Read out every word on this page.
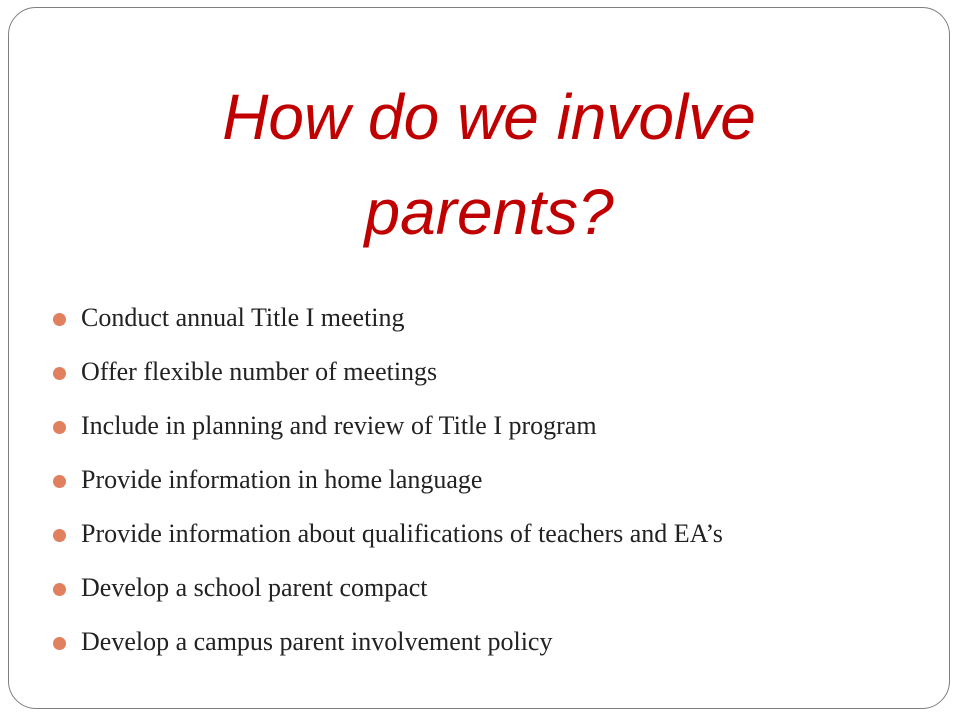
How do we involve parents?
Conduct annual Title I meeting
Offer flexible number of meetings
Include in planning and review of Title I program
Provide information in home language
Provide information about qualifications of teachers and EA’s
Develop a school parent compact
Develop a campus parent involvement policy
